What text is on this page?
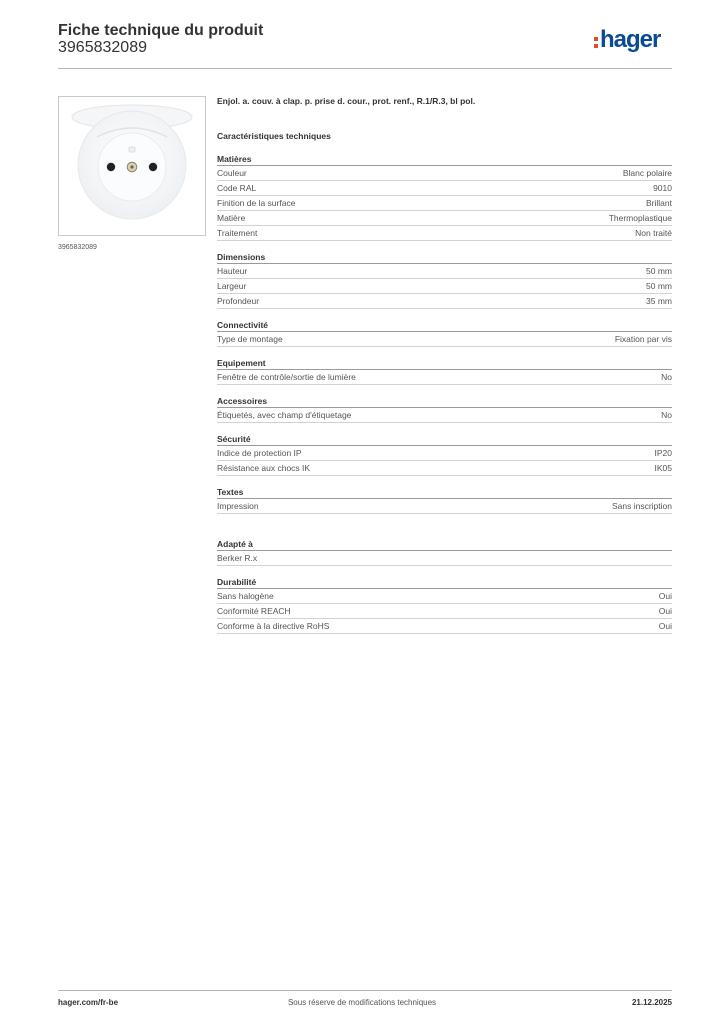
Fiche technique du produit
3965832089	hager
3965832089
Enjol. a. couv. à clap. p. prise d. cour., prot. renf., R.1/R.3, bl pol.
Caractéristiques techniques
Matières
Couleur	Blanc polaire
Code RAL	9010
Finition de la surface	Brillant
Matière	Thermoplastique
Traitement	Non traité
Dimensions
Hauteur	50 mm
Largeur	50 mm
Profondeur	35 mm
Connectivité
Type de montage	Fixation par vis
Equipement
Fenêtre de contrôle/sortie de lumière	No
Accessoires
Étiquetés, avec champ d'étiquetage	No
Sécurité
Indice de protection IP	IP20
Résistance aux chocs IK	IK05
Textes
Impression	Sans inscription
Adapté à
Berker R.x
Durabilité
Sans halogène	Oui
Conformité REACH	Oui
Conforme à la directive RoHS	Oui
hager.com/fr-be	Sous réserve de modifications techniques	21.12.2025
